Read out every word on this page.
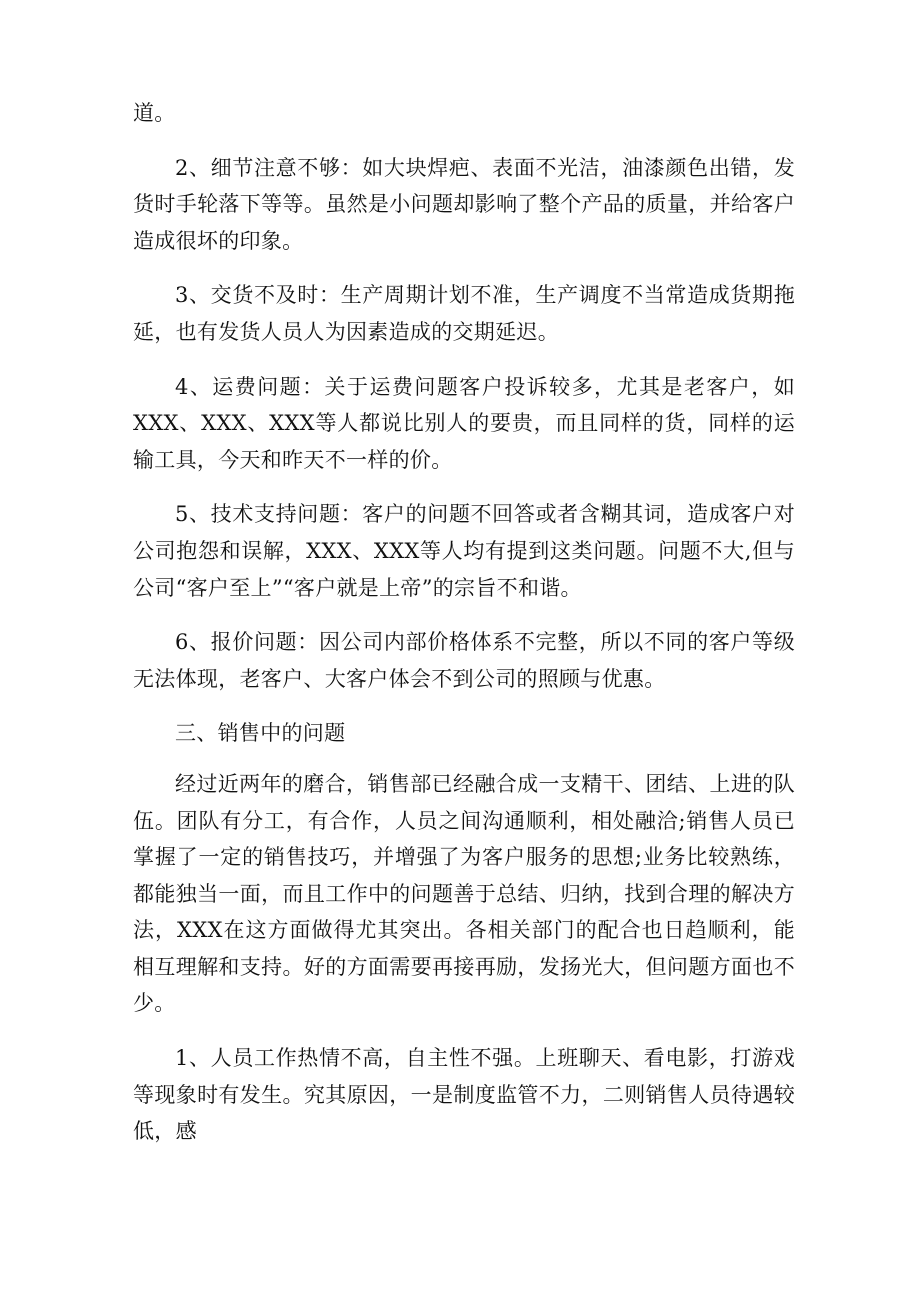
道。

2、细节注意不够：如大块焊疤、表面不光洁，油漆颜色出错，发货时手轮落下等等。虽然是小问题却影响了整个产品的质量，并给客户造成很坏的印象。

3、交货不及时：生产周期计划不准，生产调度不当常造成货期拖延，也有发货人员人为因素造成的交期延迟。

4、运费问题：关于运费问题客户投诉较多，尤其是老客户，如XXX、XXX、XXX等人都说比别人的要贵，而且同样的货，同样的运输工具，今天和昨天不一样的价。

5、技术支持问题：客户的问题不回答或者含糊其词，造成客户对公司抱怨和误解，XXX、XXX等人均有提到这类问题。问题不大,但与公司“客户至上”“客户就是上帝”的宗旨不和谐。

6、报价问题：因公司内部价格体系不完整，所以不同的客户等级无法体现，老客户、大客户体会不到公司的照顾与优惠。

三、销售中的问题

经过近两年的磨合，销售部已经融合成一支精干、团结、上进的队伍。团队有分工，有合作，人员之间沟通顺利，相处融洽;销售人员已掌握了一定的销售技巧，并增强了为客户服务的思想;业务比较熟练，都能独当一面，而且工作中的问题善于总结、归纳，找到合理的解决方法，XXX在这方面做得尤其突出。各相关部门的配合也日趋顺利，能相互理解和支持。好的方面需要再接再励，发扬光大，但问题方面也不少。

1、人员工作热情不高，自主性不强。上班聊天、看电影，打游戏等现象时有发生。究其原因，一是制度监管不力，二则销售人员待遇较低，感
